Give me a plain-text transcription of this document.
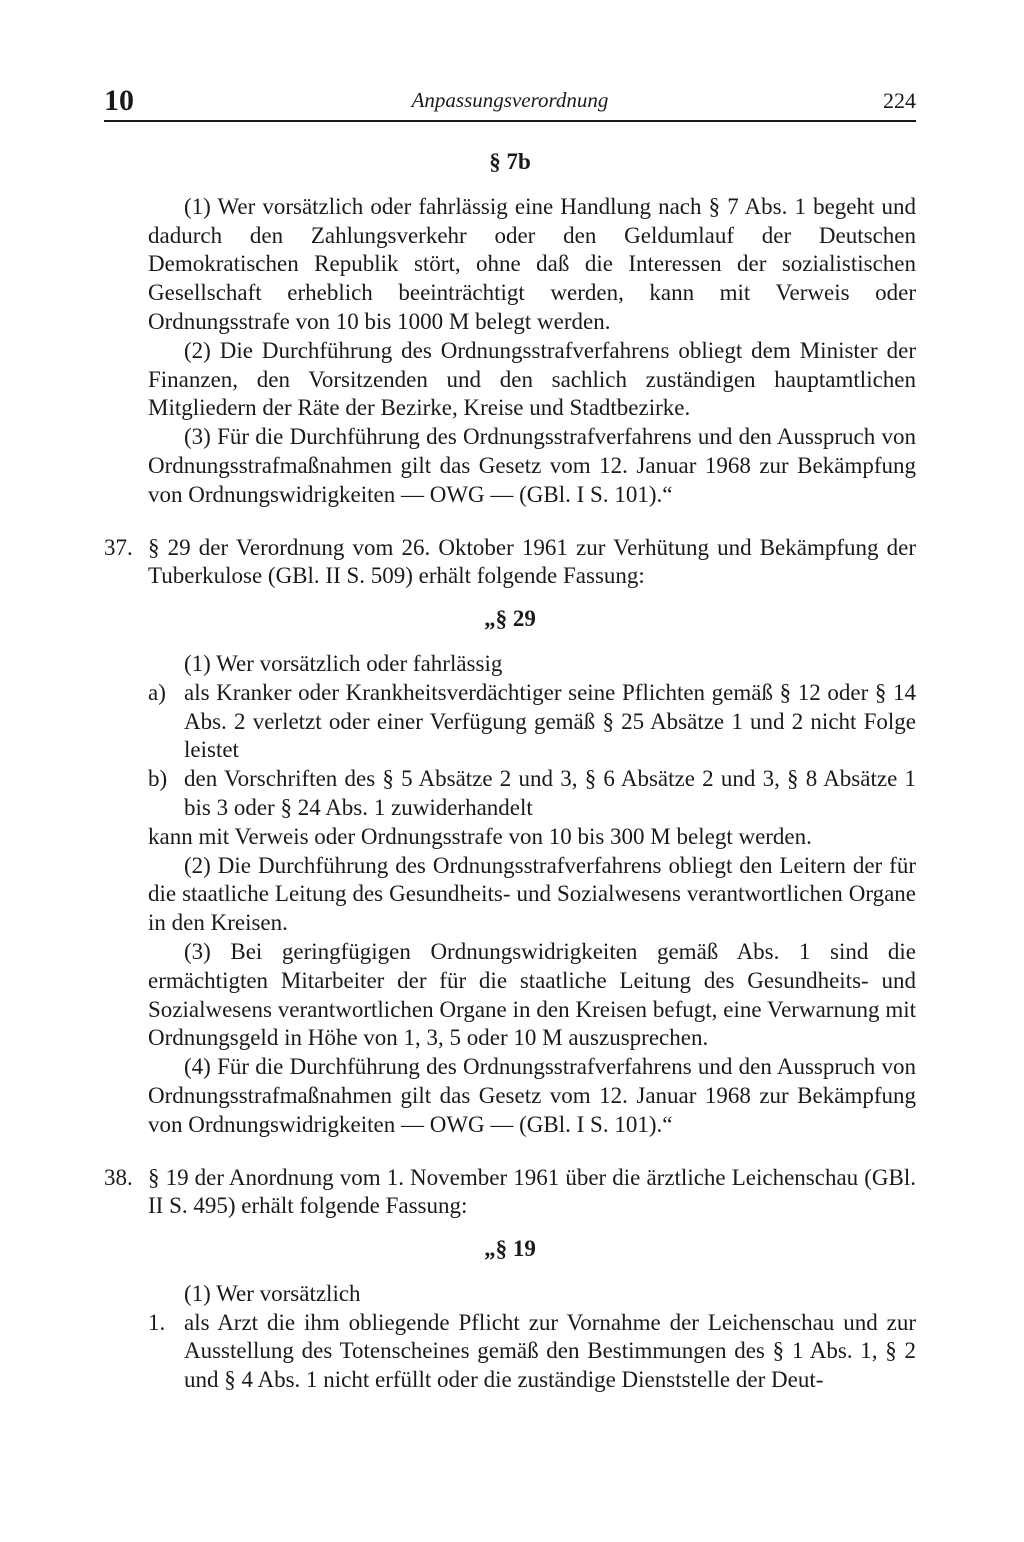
10	Anpassungsverordnung	224
§ 7b

(1) Wer vorsätzlich oder fahrlässig eine Handlung nach § 7 Abs. 1 begeht und dadurch den Zahlungsverkehr oder den Geldumlauf der Deutschen Demokratischen Republik stört, ohne daß die Interessen der sozialistischen Gesellschaft erheblich beeinträchtigt werden, kann mit Verweis oder Ordnungsstrafe von 10 bis 1000 M belegt werden.

(2) Die Durchführung des Ordnungsstrafverfahrens obliegt dem Minister der Finanzen, den Vorsitzenden und den sachlich zuständigen hauptamtlichen Mitgliedern der Räte der Bezirke, Kreise und Stadtbezirke.

(3) Für die Durchführung des Ordnungsstrafverfahrens und den Ausspruch von Ordnungsstrafmaßnahmen gilt das Gesetz vom 12. Januar 1968 zur Bekämpfung von Ordnungswidrigkeiten — OWG — (GBl. I S. 101).“

37. § 29 der Verordnung vom 26. Oktober 1961 zur Verhütung und Bekämpfung der Tuberkulose (GBl. II S. 509) erhält folgende Fassung:
„§ 29

(1) Wer vorsätzlich oder fahrlässig

a) als Kranker oder Krankheitsverdächtiger seine Pflichten gemäß § 12 oder § 14 Abs. 2 verletzt oder einer Verfügung gemäß § 25 Absätze 1 und 2 nicht Folge leistet
b) den Vorschriften des § 5 Absätze 2 und 3, § 6 Absätze 2 und 3, § 8 Absätze 1 bis 3 oder § 24 Abs. 1 zuwiderhandelt

kann mit Verweis oder Ordnungsstrafe von 10 bis 300 M belegt werden.

(2) Die Durchführung des Ordnungsstrafverfahrens obliegt den Leitern der für die staatliche Leitung des Gesundheits- und Sozialwesens verantwortlichen Organe in den Kreisen.

(3) Bei geringfügigen Ordnungswidrigkeiten gemäß Abs. 1 sind die ermächtigten Mitarbeiter der für die staatliche Leitung des Gesundheits- und Sozialwesens verantwortlichen Organe in den Kreisen befugt, eine Verwarnung mit Ordnungsgeld in Höhe von 1, 3, 5 oder 10 M auszusprechen.

(4) Für die Durchführung des Ordnungsstrafverfahrens und den Ausspruch von Ordnungsstrafmaßnahmen gilt das Gesetz vom 12. Januar 1968 zur Bekämpfung von Ordnungswidrigkeiten — OWG — (GBl. I S. 101).“

38. § 19 der Anordnung vom 1. November 1961 über die ärztliche Leichenschau (GBl. II S. 495) erhält folgende Fassung:
„§ 19

(1) Wer vorsätzlich

1. als Arzt die ihm obliegende Pflicht zur Vornahme der Leichenschau und zur Ausstellung des Totenscheines gemäß den Bestimmungen des § 1 Abs. 1, § 2 und § 4 Abs. 1 nicht erfüllt oder die zuständige Dienststelle der Deut-
